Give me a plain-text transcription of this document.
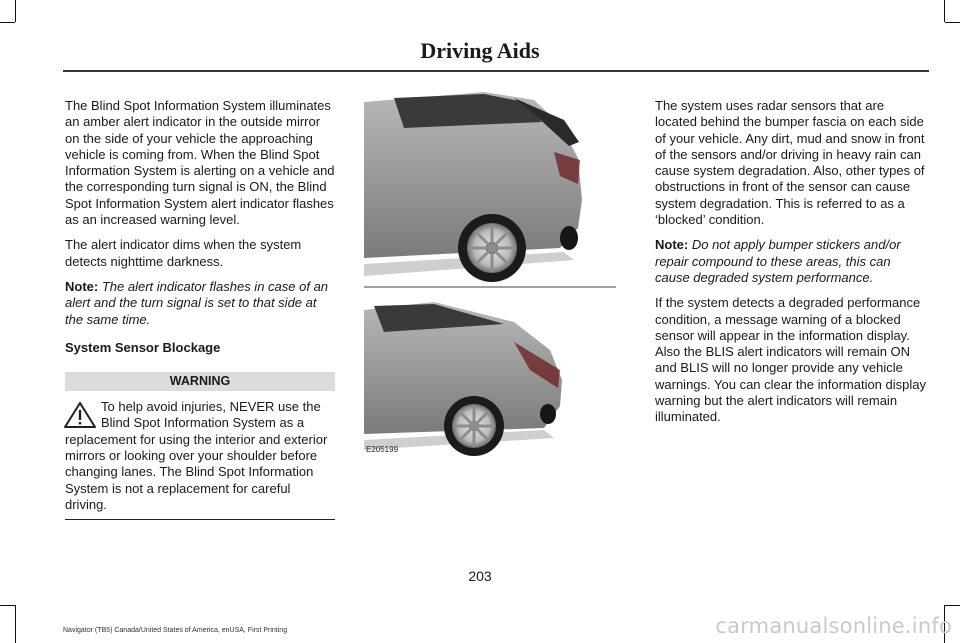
Driving Aids

The Blind Spot Information System illuminates an amber alert indicator in the outside mirror on the side of your vehicle the approaching vehicle is coming from. When the Blind Spot Information System is alerting on a vehicle and the corresponding turn signal is ON, the Blind Spot Information System alert indicator flashes as an increased warning level.

The alert indicator dims when the system detects nighttime darkness.

Note: The alert indicator flashes in case of an alert and the turn signal is set to that side at the same time.

System Sensor Blockage
WARNING
To help avoid injuries, NEVER use the Blind Spot Information System as a replacement for using the interior and exterior mirrors or looking over your shoulder before changing lanes. The Blind Spot Information System is not a replacement for careful driving.
E205199

The system uses radar sensors that are located behind the bumper fascia on each side of your vehicle. Any dirt, mud and snow in front of the sensors and/or driving in heavy rain can cause system degradation. Also, other types of obstructions in front of the sensor can cause system degradation. This is referred to as a ‘blocked’ condition.

Note: Do not apply bumper stickers and/or repair compound to these areas, this can cause degraded system performance.

If the system detects a degraded performance condition, a message warning of a blocked sensor will appear in the information display. Also the BLIS alert indicators will remain ON and BLIS will no longer provide any vehicle warnings. You can clear the information display warning but the alert indicators will remain illuminated.

203
Navigator (TB5) Canada/United States of America, enUSA, First Printing	carmanualsonline.info
